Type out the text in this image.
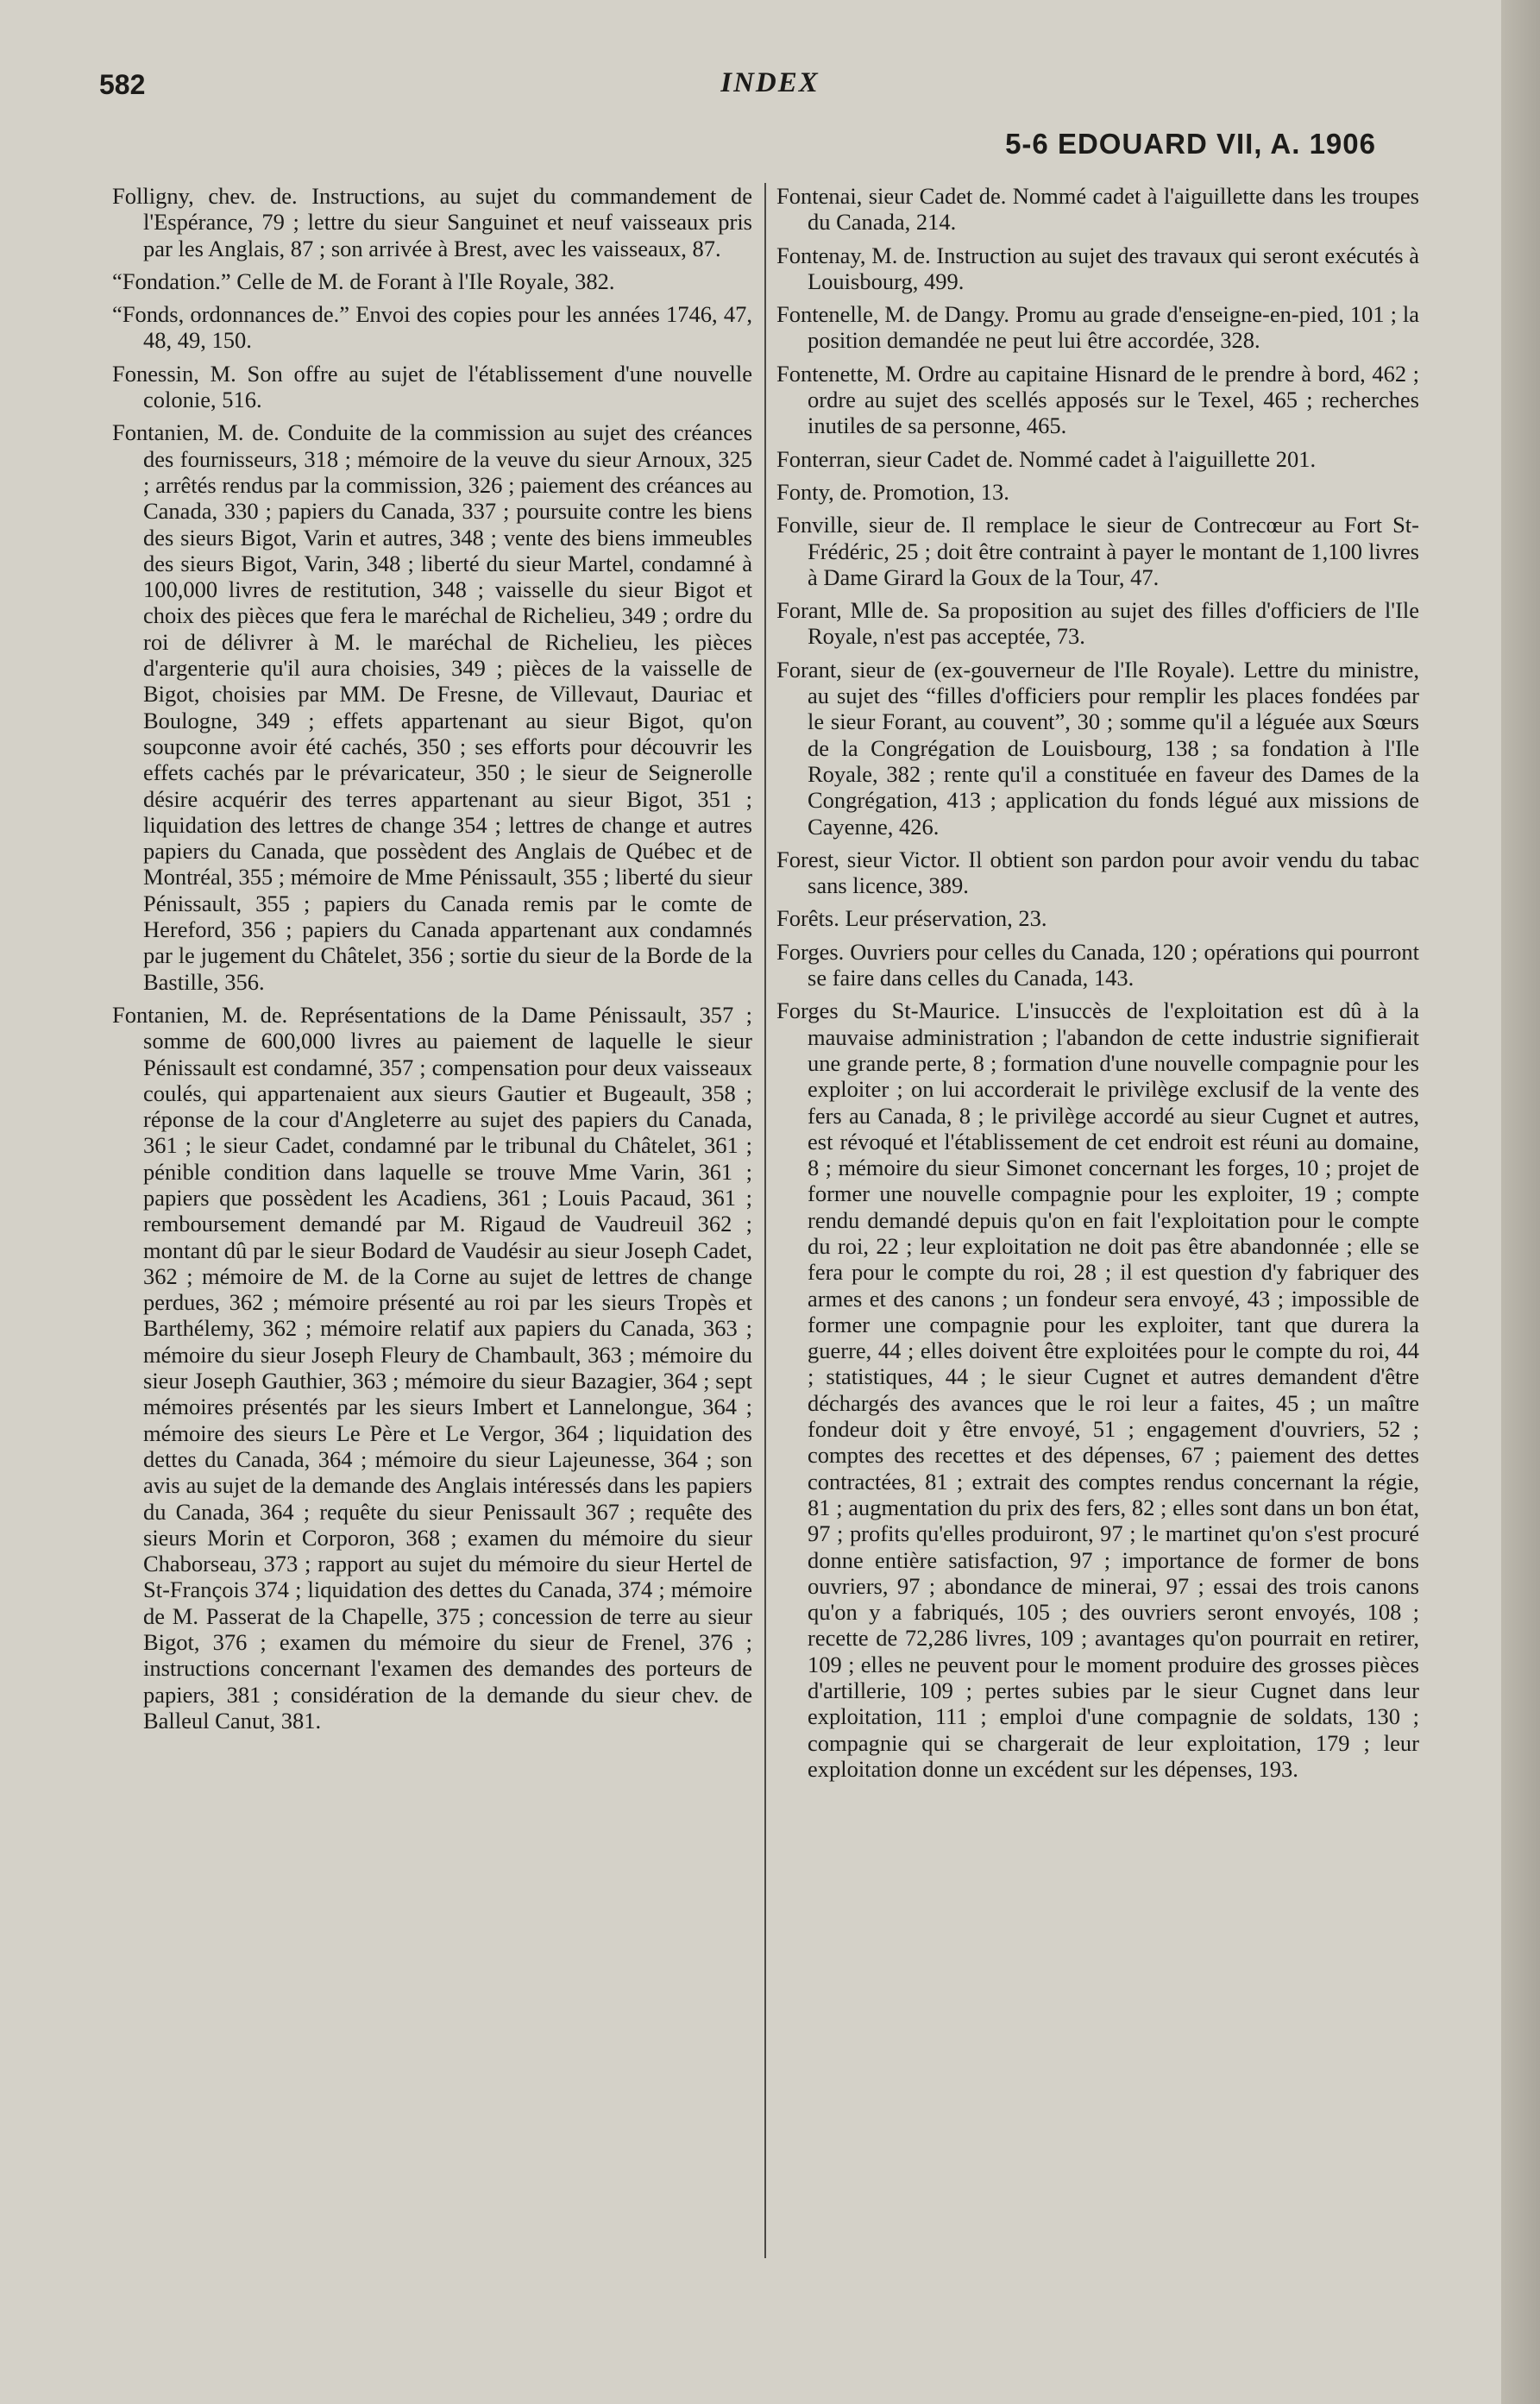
582	INDEX
5-6 EDOUARD VII, A. 1906

Folligny, chev. de. Instructions, au sujet du commandement de l'Espérance, 79 ; lettre du sieur Sanguinet et neuf vaisseaux pris par les Anglais, 87 ; son arrivée à Brest, avec les vaisseaux, 87.

“Fondation.” Celle de M. de Forant à l'Ile Royale, 382.

“Fonds, ordonnances de.” Envoi des copies pour les années 1746, 47, 48, 49, 150.

Fonessin, M. Son offre au sujet de l'établissement d'une nouvelle colonie, 516.

Fontanien, M. de. Conduite de la commission au sujet des créances des fournisseurs, 318 ; mémoire de la veuve du sieur Arnoux, 325 ; arrêtés rendus par la commission, 326 ; paiement des créances au Canada, 330 ; papiers du Canada, 337 ; poursuite contre les biens des sieurs Bigot, Varin et autres, 348 ; vente des biens immeubles des sieurs Bigot, Varin, 348 ; liberté du sieur Martel, condamné à 100,000 livres de restitution, 348 ; vaisselle du sieur Bigot et choix des pièces que fera le maréchal de Richelieu, 349 ; ordre du roi de délivrer à M. le maréchal de Richelieu, les pièces d'argenterie qu'il aura choisies, 349 ; pièces de la vaisselle de Bigot, choisies par MM. De Fresne, de Villevaut, Dauriac et Boulogne, 349 ; effets appartenant au sieur Bigot, qu'on soupconne avoir été cachés, 350 ; ses efforts pour découvrir les effets cachés par le prévaricateur, 350 ; le sieur de Seignerolle désire acquérir des terres appartenant au sieur Bigot, 351 ; liquidation des lettres de change 354 ; lettres de change et autres papiers du Canada, que possèdent des Anglais de Québec et de Montréal, 355 ; mémoire de Mme Pénissault, 355 ; liberté du sieur Pénissault, 355 ; papiers du Canada remis par le comte de Hereford, 356 ; papiers du Canada appartenant aux condamnés par le jugement du Châtelet, 356 ; sortie du sieur de la Borde de la Bastille, 356.

Fontanien, M. de. Représentations de la Dame Pénissault, 357 ; somme de 600,000 livres au paiement de laquelle le sieur Pénissault est condamné, 357 ; compensation pour deux vaisseaux coulés, qui appartenaient aux sieurs Gautier et Bugeault, 358 ; réponse de la cour d'Angleterre au sujet des papiers du Canada, 361 ; le sieur Cadet, condamné par le tribunal du Châtelet, 361 ; pénible condition dans laquelle se trouve Mme Varin, 361 ; papiers que possèdent les Acadiens, 361 ; Louis Pacaud, 361 ; remboursement demandé par M. Rigaud de Vaudreuil 362 ; montant dû par le sieur Bodard de Vaudésir au sieur Joseph Cadet, 362 ; mémoire de M. de la Corne au sujet de lettres de change perdues, 362 ; mémoire présenté au roi par les sieurs Tropès et Barthélemy, 362 ; mémoire relatif aux papiers du Canada, 363 ; mémoire du sieur Joseph Fleury de Chambault, 363 ; mémoire du sieur Joseph Gauthier, 363 ; mémoire du sieur Bazagier, 364 ; sept mémoires présentés par les sieurs Imbert et Lannelongue, 364 ; mémoire des sieurs Le Père et Le Vergor, 364 ; liquidation des dettes du Canada, 364 ; mémoire du sieur Lajeunesse, 364 ; son avis au sujet de la demande des Anglais intéressés dans les papiers du Canada, 364 ; requête du sieur Penissault 367 ; requête des sieurs Morin et Corporon, 368 ; examen du mémoire du sieur Chaborseau, 373 ; rapport au sujet du mémoire du sieur Hertel de St-François 374 ; liquidation des dettes du Canada, 374 ; mémoire de M. Passerat de la Chapelle, 375 ; concession de terre au sieur Bigot, 376 ; examen du mémoire du sieur de Frenel, 376 ; instructions concernant l'examen des demandes des porteurs de papiers, 381 ; considération de la demande du sieur chev. de Balleul Canut, 381.

Fontenai, sieur Cadet de. Nommé cadet à l'aiguillette dans les troupes du Canada, 214.

Fontenay, M. de. Instruction au sujet des travaux qui seront exécutés à Louisbourg, 499.

Fontenelle, M. de Dangy. Promu au grade d'enseigne-en-pied, 101 ; la position demandée ne peut lui être accordée, 328.

Fontenette, M. Ordre au capitaine Hisnard de le prendre à bord, 462 ; ordre au sujet des scellés apposés sur le Texel, 465 ; recherches inutiles de sa personne, 465.

Fonterran, sieur Cadet de. Nommé cadet à l'aiguillette 201.

Fonty, de. Promotion, 13.

Fonville, sieur de. Il remplace le sieur de Contrecœur au Fort St-Frédéric, 25 ; doit être contraint à payer le montant de 1,100 livres à Dame Girard la Goux de la Tour, 47.

Forant, Mlle de. Sa proposition au sujet des filles d'officiers de l'Ile Royale, n'est pas acceptée, 73.

Forant, sieur de (ex-gouverneur de l'Ile Royale). Lettre du ministre, au sujet des “filles d'officiers pour remplir les places fondées par le sieur Forant, au couvent”, 30 ; somme qu'il a léguée aux Sœurs de la Congrégation de Louisbourg, 138 ; sa fondation à l'Ile Royale, 382 ; rente qu'il a constituée en faveur des Dames de la Congrégation, 413 ; application du fonds légué aux missions de Cayenne, 426.

Forest, sieur Victor. Il obtient son pardon pour avoir vendu du tabac sans licence, 389.

Forêts. Leur préservation, 23.

Forges. Ouvriers pour celles du Canada, 120 ; opérations qui pourront se faire dans celles du Canada, 143.

Forges du St-Maurice. L'insuccès de l'exploitation est dû à la mauvaise administration ; l'abandon de cette industrie signifierait une grande perte, 8 ; formation d'une nouvelle compagnie pour les exploiter ; on lui accorderait le privilège exclusif de la vente des fers au Canada, 8 ; le privilège accordé au sieur Cugnet et autres, est révoqué et l'établissement de cet endroit est réuni au domaine, 8 ; mémoire du sieur Simonet concernant les forges, 10 ; projet de former une nouvelle compagnie pour les exploiter, 19 ; compte rendu demandé depuis qu'on en fait l'exploitation pour le compte du roi, 22 ; leur exploitation ne doit pas être abandonnée ; elle se fera pour le compte du roi, 28 ; il est question d'y fabriquer des armes et des canons ; un fondeur sera envoyé, 43 ; impossible de former une compagnie pour les exploiter, tant que durera la guerre, 44 ; elles doivent être exploitées pour le compte du roi, 44 ; statistiques, 44 ; le sieur Cugnet et autres demandent d'être déchargés des avances que le roi leur a faites, 45 ; un maître fondeur doit y être envoyé, 51 ; engagement d'ouvriers, 52 ; comptes des recettes et des dépenses, 67 ; paiement des dettes contractées, 81 ; extrait des comptes rendus concernant la régie, 81 ; augmentation du prix des fers, 82 ; elles sont dans un bon état, 97 ; profits qu'elles produiront, 97 ; le martinet qu'on s'est procuré donne entière satisfaction, 97 ; importance de former de bons ouvriers, 97 ; abondance de minerai, 97 ; essai des trois canons qu'on y a fabriqués, 105 ; des ouvriers seront envoyés, 108 ; recette de 72,286 livres, 109 ; avantages qu'on pourrait en retirer, 109 ; elles ne peuvent pour le moment produire des grosses pièces d'artillerie, 109 ; pertes subies par le sieur Cugnet dans leur exploitation, 111 ; emploi d'une compagnie de soldats, 130 ; compagnie qui se chargerait de leur exploitation, 179 ; leur exploitation donne un excédent sur les dépenses, 193.
